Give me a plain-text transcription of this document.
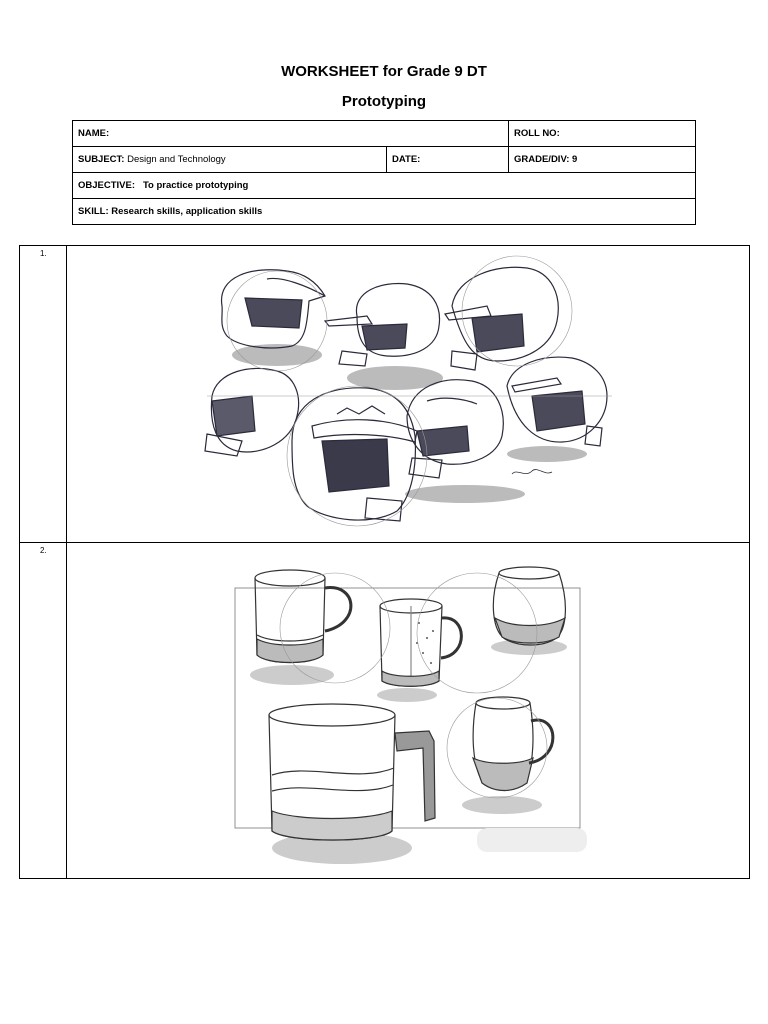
WORKSHEET for Grade 9 DT
Prototyping
NAME:		ROLL NO:
SUBJECT: Design and Technology	DATE:	GRADE/DIV: 9
OBJECTIVE: To practice prototyping		
SKILL: Research skills, application skills		
1.	

2.	
